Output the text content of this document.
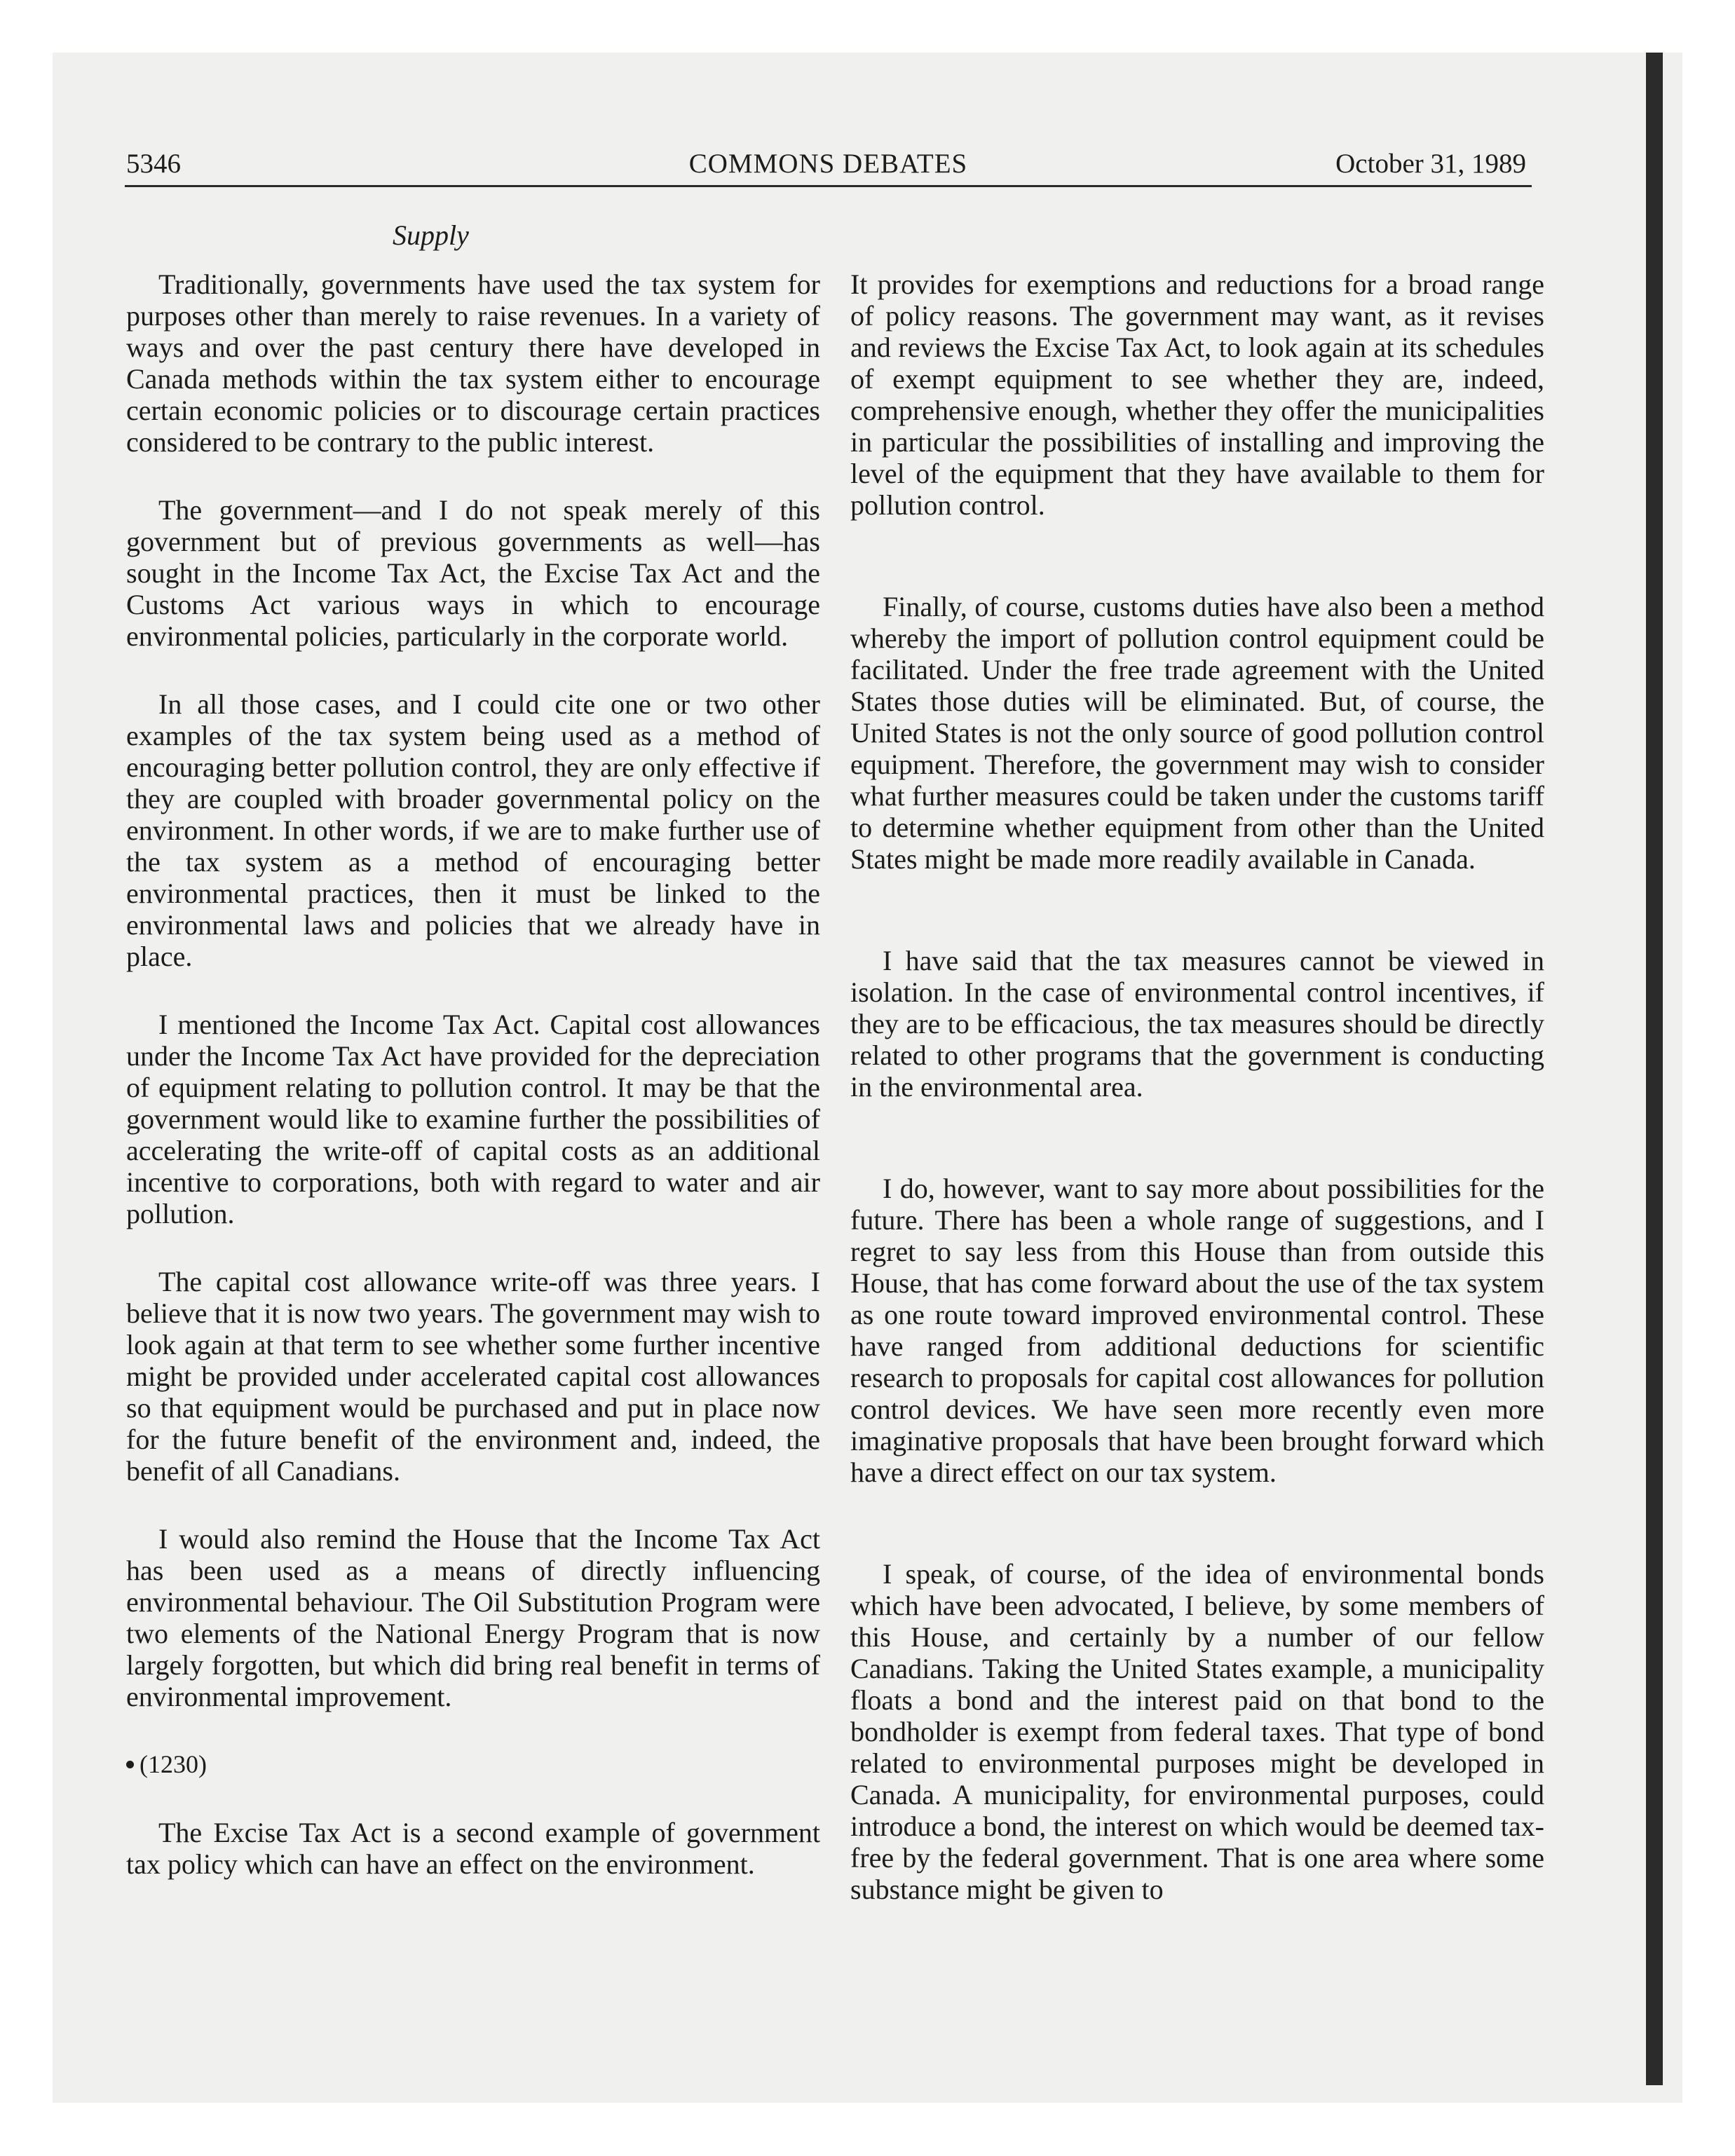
5346	COMMONS DEBATES	October 31, 1989
Supply

Traditionally, governments have used the tax system for purposes other than merely to raise revenues. In a variety of ways and over the past century there have developed in Canada methods within the tax system either to encourage certain economic policies or to discourage certain practices considered to be contrary to the public interest.

The government—and I do not speak merely of this government but of previous governments as well—has sought in the Income Tax Act, the Excise Tax Act and the Customs Act various ways in which to encourage environmental policies, particularly in the corporate world.

In all those cases, and I could cite one or two other examples of the tax system being used as a method of encouraging better pollution control, they are only effective if they are coupled with broader governmental policy on the environment. In other words, if we are to make further use of the tax system as a method of encouraging better environmental practices, then it must be linked to the environmental laws and policies that we already have in place.

I mentioned the Income Tax Act. Capital cost allowances under the Income Tax Act have provided for the depreciation of equipment relating to pollution control. It may be that the government would like to examine further the possibilities of accelerating the write-off of capital costs as an additional incentive to corporations, both with regard to water and air pollution.

The capital cost allowance write-off was three years. I believe that it is now two years. The government may wish to look again at that term to see whether some further incentive might be provided under accelerated capital cost allowances so that equipment would be purchased and put in place now for the future benefit of the environment and, indeed, the benefit of all Canadians.

I would also remind the House that the Income Tax Act has been used as a means of directly influencing environmental behaviour. The Oil Substitution Program were two elements of the National Energy Program that is now largely forgotten, but which did bring real benefit in terms of environmental improvement.

(1230)

The Excise Tax Act is a second example of government tax policy which can have an effect on the environment.

It provides for exemptions and reductions for a broad range of policy reasons. The government may want, as it revises and reviews the Excise Tax Act, to look again at its schedules of exempt equipment to see whether they are, indeed, comprehensive enough, whether they offer the municipalities in particular the possibilities of installing and improving the level of the equipment that they have available to them for pollution control.

Finally, of course, customs duties have also been a method whereby the import of pollution control equipment could be facilitated. Under the free trade agreement with the United States those duties will be eliminated. But, of course, the United States is not the only source of good pollution control equipment. Therefore, the government may wish to consider what further measures could be taken under the customs tariff to determine whether equipment from other than the United States might be made more readily available in Canada.

I have said that the tax measures cannot be viewed in isolation. In the case of environmental control incentives, if they are to be efficacious, the tax measures should be directly related to other programs that the government is conducting in the environmental area.

I do, however, want to say more about possibilities for the future. There has been a whole range of suggestions, and I regret to say less from this House than from outside this House, that has come forward about the use of the tax system as one route toward improved environmental control. These have ranged from additional deductions for scientific research to proposals for capital cost allowances for pollution control devices. We have seen more recently even more imaginative proposals that have been brought forward which have a direct effect on our tax system.

I speak, of course, of the idea of environmental bonds which have been advocated, I believe, by some members of this House, and certainly by a number of our fellow Canadians. Taking the United States example, a municipality floats a bond and the interest paid on that bond to the bondholder is exempt from federal taxes. That type of bond related to environmental purposes might be developed in Canada. A municipality, for environmental purposes, could introduce a bond, the interest on which would be deemed tax-free by the federal government. That is one area where some substance might be given to
